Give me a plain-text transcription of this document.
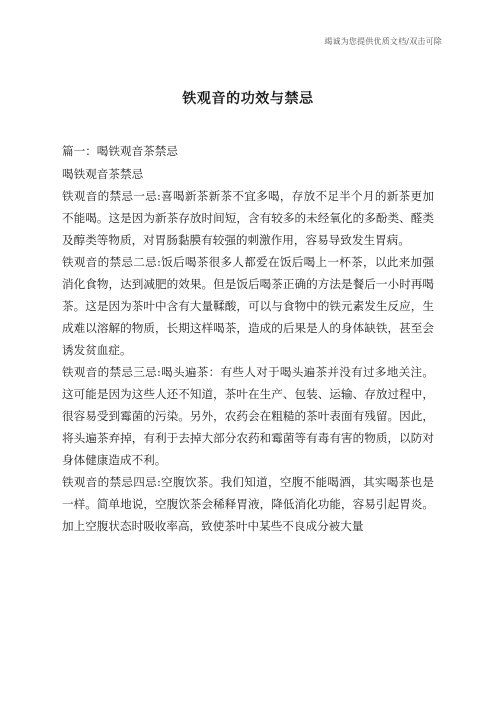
竭诚为您提供优质文档/双击可除
铁观音的功效与禁忌

篇一：喝铁观音茶禁忌

喝铁观音茶禁忌

铁观音的禁忌一忌:喜喝新茶新茶不宜多喝，存放不足半个月的新茶更加不能喝。这是因为新茶存放时间短，含有较多的未经氧化的多酚类、醛类及醇类等物质，对胃肠黏膜有较强的刺激作用，容易导致发生胃病。

铁观音的禁忌二忌:饭后喝茶很多人都爱在饭后喝上一杯茶，以此来加强消化食物，达到减肥的效果。但是饭后喝茶正确的方法是餐后一小时再喝茶。这是因为茶叶中含有大量鞣酸，可以与食物中的铁元素发生反应，生成难以溶解的物质，长期这样喝茶，造成的后果是人的身体缺铁，甚至会诱发贫血症。

铁观音的禁忌三忌:喝头遍茶：有些人对于喝头遍茶并没有过多地关注。这可能是因为这些人还不知道，茶叶在生产、包装、运输、存放过程中，很容易受到霉菌的污染。另外，农药会在粗糙的茶叶表面有残留。因此，将头遍茶弃掉，有利于去掉大部分农药和霉菌等有毒有害的物质，以防对身体健康造成不利。

铁观音的禁忌四忌:空腹饮茶。我们知道，空腹不能喝酒，其实喝茶也是一样。简单地说，空腹饮茶会稀释胃液，降低消化功能，容易引起胃炎。加上空腹状态时吸收率高，致使茶叶中某些不良成分被大量
